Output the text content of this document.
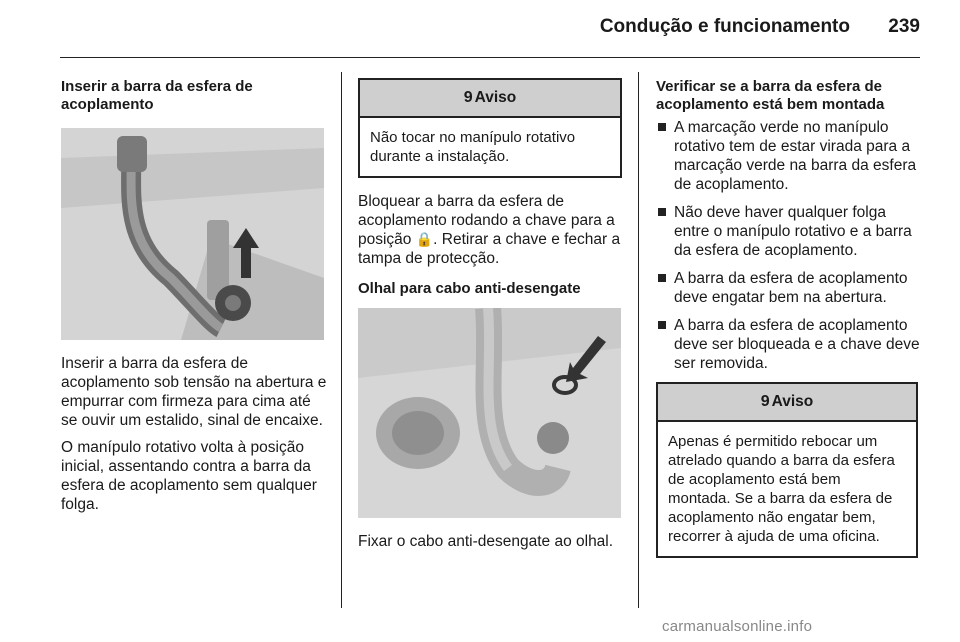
Condução e funcionamento	239
Inserir a barra da esfera de acoplamento

Inserir a barra da esfera de acoplamento sob tensão na abertura e empurrar com firmeza para cima até se ouvir um estalido, sinal de encaixe.

O manípulo rotativo volta à posição inicial, assentando contra a barra da esfera de acoplamento sem qualquer folga.

9 Aviso
Não tocar no manípulo rotativo durante a instalação.

Bloquear a barra da esfera de acoplamento rodando a chave para a posição 🔒. Retirar a chave e fechar a tampa de protecção.

Olhal para cabo anti-desengate

Fixar o cabo anti-desengate ao olhal.

Verificar se a barra da esfera de acoplamento está bem montada
A marcação verde no manípulo rotativo tem de estar virada para a marcação verde na barra da esfera de acoplamento.
Não deve haver qualquer folga entre o manípulo rotativo e a barra da esfera de acoplamento.
A barra da esfera de acoplamento deve engatar bem na abertura.
A barra da esfera de acoplamento deve ser bloqueada e a chave deve ser removida.
9 Aviso
Apenas é permitido rebocar um atrelado quando a barra da esfera de acoplamento está bem montada. Se a barra da esfera de acoplamento não engatar bem, recorrer à ajuda de uma oficina.
carmanualsonline.info
